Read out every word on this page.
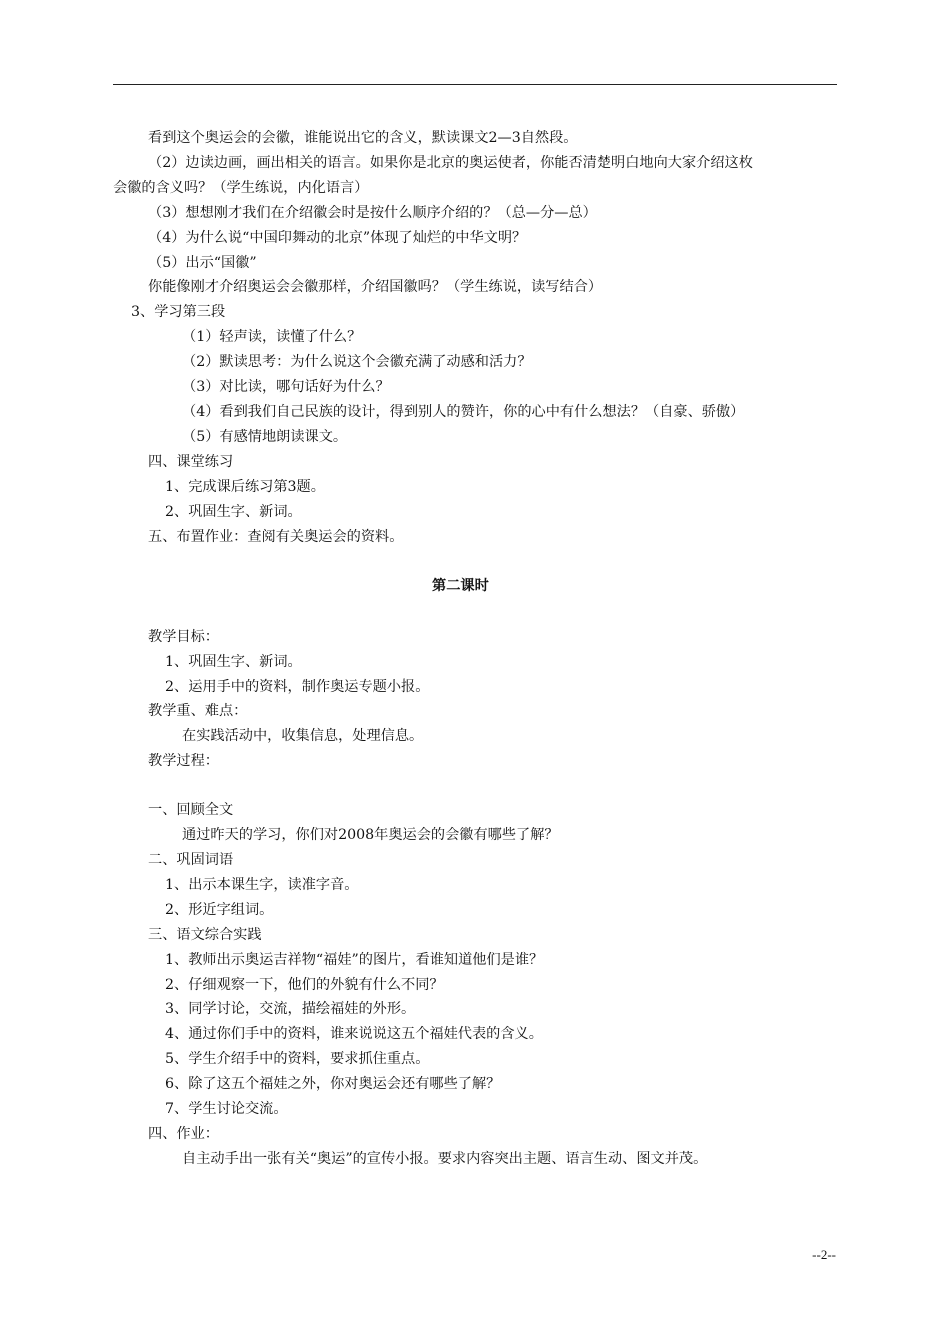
看到这个奥运会的会徽，谁能说出它的含义，默读课文2—3自然段。
（2）边读边画，画出相关的语言。如果你是北京的奥运使者，你能否清楚明白地向大家介绍这枚
会徽的含义吗？（学生练说，内化语言）
（3）想想刚才我们在介绍徽会时是按什么顺序介绍的？（总—分—总）
（4）为什么说“中国印舞动的北京”体现了灿烂的中华文明？
（5）出示“国徽”
你能像刚才介绍奥运会会徽那样，介绍国徽吗？（学生练说，读写结合）
3、学习第三段
（1）轻声读，读懂了什么？
（2）默读思考：为什么说这个会徽充满了动感和活力？
（3）对比读，哪句话好为什么？
（4）看到我们自己民族的设计，得到别人的赞许，你的心中有什么想法？（自豪、骄傲）
（5）有感情地朗读课文。
四、课堂练习
1、完成课后练习第3题。
2、巩固生字、新词。
五、布置作业：查阅有关奥运会的资料。
第二课时
教学目标：
1、巩固生字、新词。
2、运用手中的资料，制作奥运专题小报。
教学重、难点：
在实践活动中，收集信息，处理信息。
教学过程：
一、回顾全文
通过昨天的学习，你们对2008年奥运会的会徽有哪些了解？
二、巩固词语
1、出示本课生字，读准字音。
2、形近字组词。
三、语文综合实践
1、教师出示奥运吉祥物“福娃”的图片，看谁知道他们是谁？
2、仔细观察一下，他们的外貌有什么不同？
3、同学讨论，交流，描绘福娃的外形。
4、通过你们手中的资料，谁来说说这五个福娃代表的含义。
5、学生介绍手中的资料，要求抓住重点。
6、除了这五个福娃之外，你对奥运会还有哪些了解？
7、学生讨论交流。
四、作业：
自主动手出一张有关“奥运”的宣传小报。要求内容突出主题、语言生动、图文并茂。
--2--
